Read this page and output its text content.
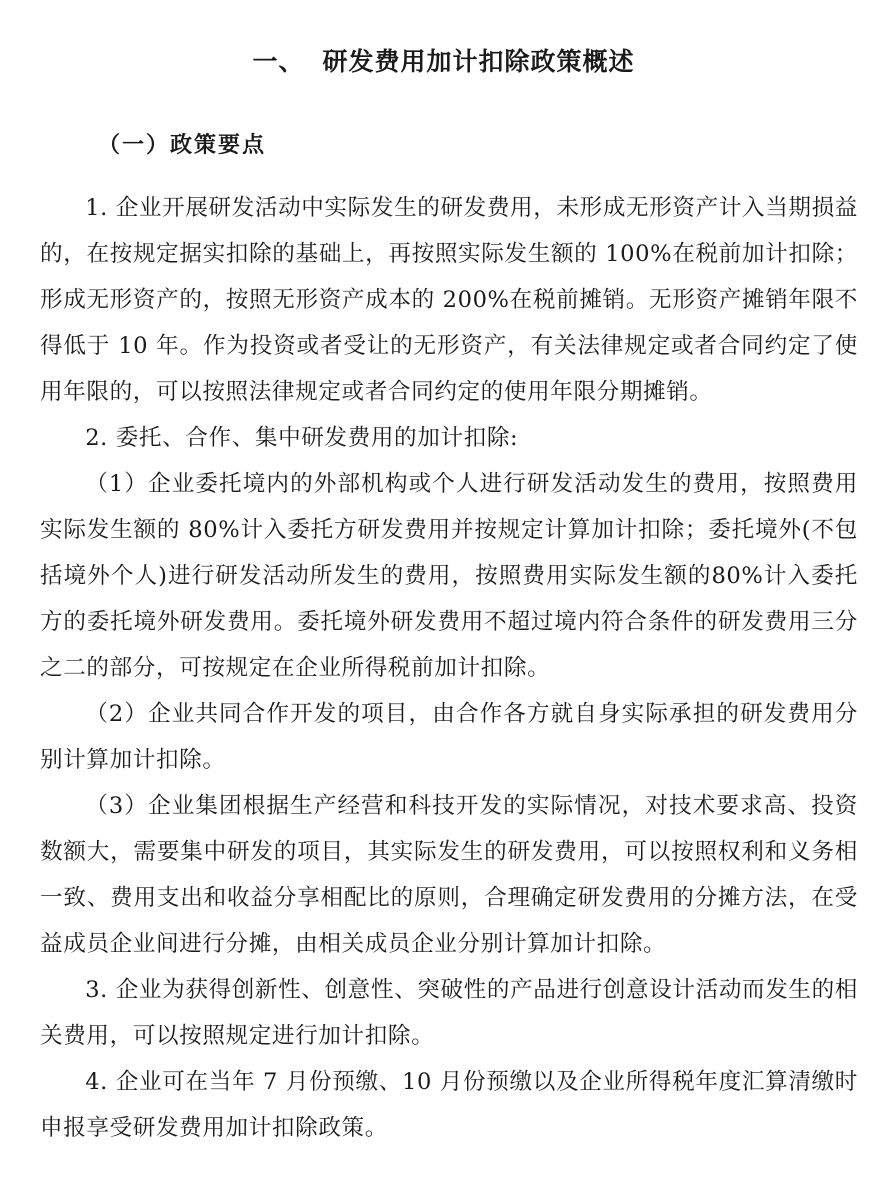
一、 研发费用加计扣除政策概述
（一）政策要点

1. 企业开展研发活动中实际发生的研发费用，未形成无形资产计入当期损益的，在按规定据实扣除的基础上，再按照实际发生额的 100%在税前加计扣除；形成无形资产的，按照无形资产成本的 200%在税前摊销。无形资产摊销年限不得低于 10 年。作为投资或者受让的无形资产，有关法律规定或者合同约定了使用年限的，可以按照法律规定或者合同约定的使用年限分期摊销。

2. 委托、合作、集中研发费用的加计扣除:

（1）企业委托境内的外部机构或个人进行研发活动发生的费用，按照费用实际发生额的 80%计入委托方研发费用并按规定计算加计扣除；委托境外(不包括境外个人)进行研发活动所发生的费用，按照费用实际发生额的80%计入委托方的委托境外研发费用。委托境外研发费用不超过境内符合条件的研发费用三分之二的部分，可按规定在企业所得税前加计扣除。

（2）企业共同合作开发的项目，由合作各方就自身实际承担的研发费用分别计算加计扣除。

（3）企业集团根据生产经营和科技开发的实际情况，对技术要求高、投资数额大，需要集中研发的项目，其实际发生的研发费用，可以按照权利和义务相一致、费用支出和收益分享相配比的原则，合理确定研发费用的分摊方法，在受益成员企业间进行分摊，由相关成员企业分别计算加计扣除。

3. 企业为获得创新性、创意性、突破性的产品进行创意设计活动而发生的相关费用，可以按照规定进行加计扣除。

4. 企业可在当年 7 月份预缴、10 月份预缴以及企业所得税年度汇算清缴时申报享受研发费用加计扣除政策。
